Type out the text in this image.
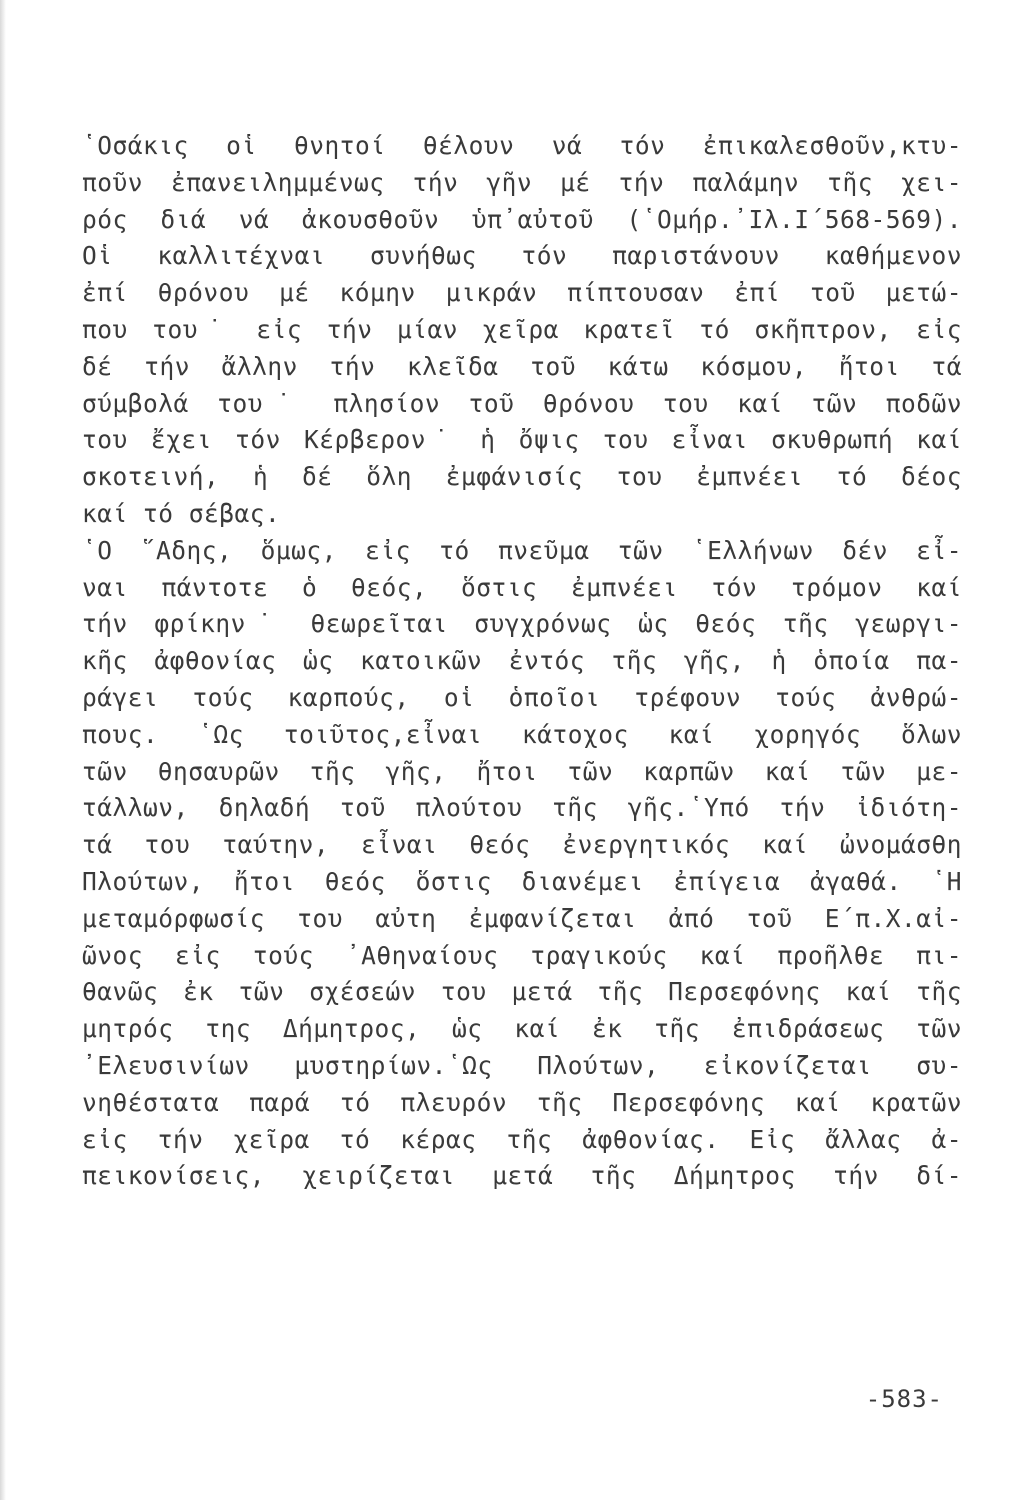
῾Οσάκις οἱ θνητοί θέλουν νά τόν ἐπικαλεσθοῦν,κτυ-
ποῦν ἐπανειλημμένως τήν γῆν μέ τήν παλάμην τῆς χει-
ρός διά νά ἀκουσθοῦν ὑπ᾽αὐτοῦ (῾Ομήρ.᾽Ιλ.Ι΄568-569).
Οἱ καλλιτέχναι συνήθως τόν παριστάνουν καθήμενον
ἐπί θρόνου μέ κόμην μικράν πίπτουσαν ἐπί τοῦ μετώ-
που του˙ εἰς τήν μίαν χεῖρα κρατεῖ τό σκῆπτρον, εἰς
δέ τήν ἄλλην τήν κλεῖδα τοῦ κάτω κόσμου, ἤτοι τά
σύμβολά του˙ πλησίον τοῦ θρόνου του καί τῶν ποδῶν
του ἔχει τόν Κέρβερον˙ ἡ ὄψις του εἶναι σκυθρωπή καί
σκοτεινή, ἡ δέ ὅλη ἐμφάνισίς του ἐμπνέει τό δέος
καί τό σέβας.
῾Ο ῞Αδης, ὅμως, εἰς τό πνεῦμα τῶν ῾Ελλήνων δέν εἶ-
ναι πάντοτε ὁ θεός, ὅστις ἐμπνέει τόν τρόμον καί
τήν φρίκην˙ θεωρεῖται συγχρόνως ὡς θεός τῆς γεωργι-
κῆς ἀφθονίας ὡς κατοικῶν ἐντός τῆς γῆς, ἡ ὁποία πα-
ράγει τούς καρπούς, οἱ ὁποῖοι τρέφουν τούς ἀνθρώ-
πους. ῾Ως τοιῦτος,εἶναι κάτοχος καί χορηγός ὅλων
τῶν θησαυρῶν τῆς γῆς, ἤτοι τῶν καρπῶν καί τῶν με-
τάλλων, δηλαδή τοῦ πλούτου τῆς γῆς.῾Υπό τήν ἰδιότη-
τά του ταύτην, εἶναι θεός ἐνεργητικός καί ὠνομάσθη
Πλούτων, ἤτοι θεός ὅστις διανέμει ἐπίγεια ἀγαθά. ῾Η
μεταμόρφωσίς του αὐτη ἐμφανίζεται ἀπό τοῦ Ε΄π.Χ.αἰ-
ῶνος εἰς τούς ᾽Αθηναίους τραγικούς καί προῆλθε πι-
θανῶς ἐκ τῶν σχέσεών του μετά τῆς Περσεφόνης καί τῆς
μητρός της Δήμητρος, ὡς καί ἐκ τῆς ἐπιδράσεως τῶν
᾽Ελευσινίων μυστηρίων.῾Ως Πλούτων, εἰκονίζεται συ-
νηθέστατα παρά τό πλευρόν τῆς Περσεφόνης καί κρατῶν
εἰς τήν χεῖρα τό κέρας τῆς ἀφθονίας. Εἰς ἄλλας ἀ-
πεικονίσεις, χειρίζεται μετά τῆς Δήμητρος τήν δί-
-583-
